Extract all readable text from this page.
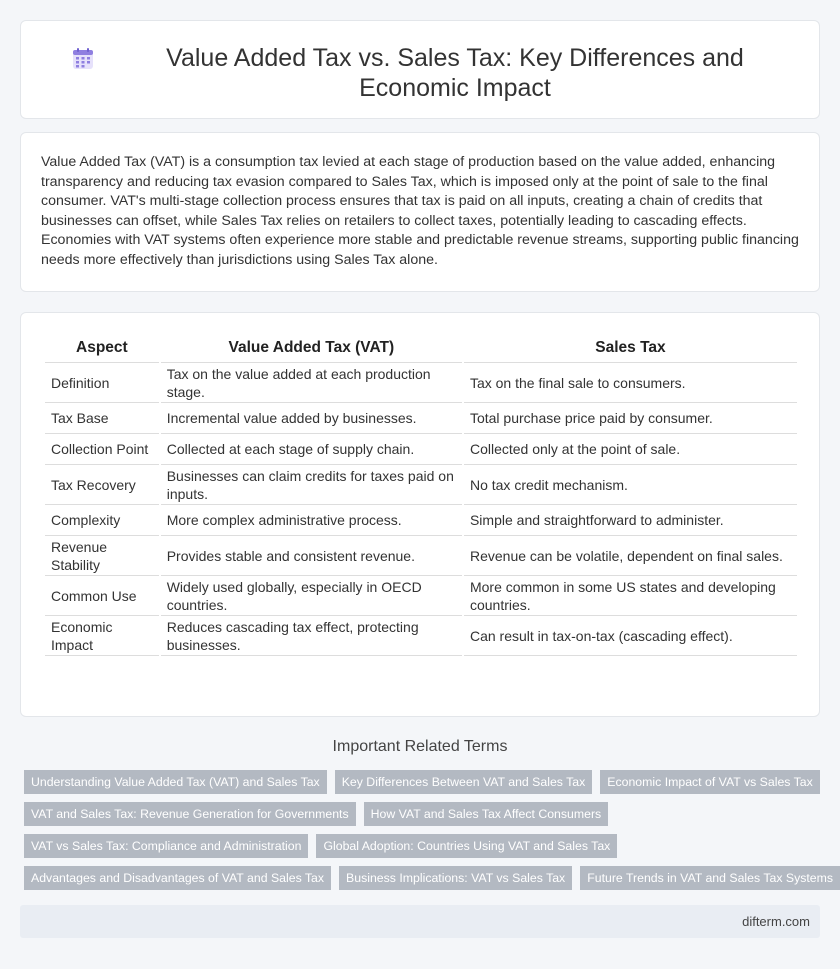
Value Added Tax vs. Sales Tax: Key Differences and Economic Impact

Value Added Tax (VAT) is a consumption tax levied at each stage of production based on the value added, enhancing transparency and reducing tax evasion compared to Sales Tax, which is imposed only at the point of sale to the final consumer. VAT's multi-stage collection process ensures that tax is paid on all inputs, creating a chain of credits that businesses can offset, while Sales Tax relies on retailers to collect taxes, potentially leading to cascading effects. Economies with VAT systems often experience more stable and predictable revenue streams, supporting public financing needs more effectively than jurisdictions using Sales Tax alone.

Aspect	Value Added Tax (VAT)	Sales Tax
Definition	Tax on the value added at each production stage.	Tax on the final sale to consumers.
Tax Base	Incremental value added by businesses.	Total purchase price paid by consumer.
Collection Point	Collected at each stage of supply chain.	Collected only at the point of sale.
Tax Recovery	Businesses can claim credits for taxes paid on inputs.	No tax credit mechanism.
Complexity	More complex administrative process.	Simple and straightforward to administer.
Revenue Stability	Provides stable and consistent revenue.	Revenue can be volatile, dependent on final sales.
Common Use	Widely used globally, especially in OECD countries.	More common in some US states and developing countries.
Economic Impact	Reduces cascading tax effect, protecting businesses.	Can result in tax-on-tax (cascading effect).
Important Related Terms
Understanding Value Added Tax (VAT) and Sales Tax	Key Differences Between VAT and Sales Tax	Economic Impact of VAT vs Sales Tax
VAT and Sales Tax: Revenue Generation for Governments	How VAT and Sales Tax Affect Consumers
VAT vs Sales Tax: Compliance and Administration	Global Adoption: Countries Using VAT and Sales Tax
Advantages and Disadvantages of VAT and Sales Tax	Business Implications: VAT vs Sales Tax	Future Trends in VAT and Sales Tax Systems
difterm.com
